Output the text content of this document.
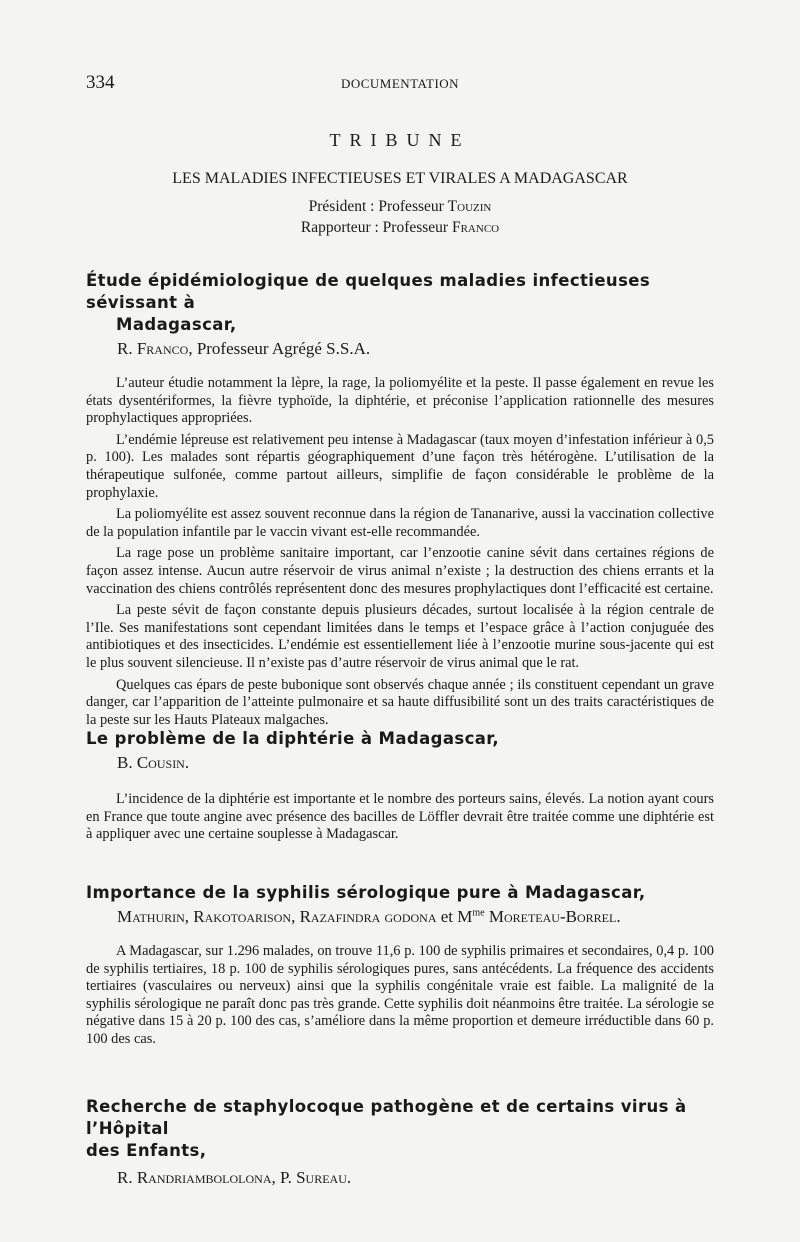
334	DOCUMENTATION
TRIBUNE
LES MALADIES INFECTIEUSES ET VIRALES A MADAGASCAR
Président : Professeur Touzin
Rapporteur : Professeur Franco
Étude épidémiologique de quelques maladies infectieuses sévissant à
Madagascar,
R. Franco, Professeur Agrégé S.S.A.

L’auteur étudie notamment la lèpre, la rage, la poliomyélite et la peste. Il passe également en revue les états dysentériformes, la fièvre typhoïde, la diphtérie, et préconise l’application rationnelle des mesures prophylactiques appropriées.

L’endémie lépreuse est relativement peu intense à Madagascar (taux moyen d’infestation inférieur à 0,5 p. 100). Les malades sont répartis géographiquement d’une façon très hétérogène. L’utilisation de la thérapeutique sulfonée, comme partout ailleurs, simplifie de façon considérable le problème de la prophylaxie.

La poliomyélite est assez souvent reconnue dans la région de Tananarive, aussi la vaccination collective de la population infantile par le vaccin vivant est-elle recommandée.

La rage pose un problème sanitaire important, car l’enzootie canine sévit dans certaines régions de façon assez intense. Aucun autre réservoir de virus animal n’existe ; la destruction des chiens errants et la vaccination des chiens contrôlés représentent donc des mesures prophylactiques dont l’efficacité est certaine.

La peste sévit de façon constante depuis plusieurs décades, surtout localisée à la région centrale de l’Ile. Ses manifestations sont cependant limitées dans le temps et l’espace grâce à l’action conjuguée des antibiotiques et des insecticides. L’endémie est essentiellement liée à l’enzootie murine sous-jacente qui est le plus souvent silencieuse. Il n’existe pas d’autre réservoir de virus animal que le rat.

Quelques cas épars de peste bubonique sont observés chaque année ; ils constituent cependant un grave danger, car l’apparition de l’atteinte pulmonaire et sa haute diffusibilité sont un des traits caractéristiques de la peste sur les Hauts Plateaux malgaches.

Le problème de la diphtérie à Madagascar,
B. Cousin.

L’incidence de la diphtérie est importante et le nombre des porteurs sains, élevés. La notion ayant cours en France que toute angine avec présence des bacilles de Löffler devrait être traitée comme une diphtérie est à appliquer avec une certaine souplesse à Madagascar.

Importance de la syphilis sérologique pure à Madagascar,
Mathurin, Rakotoarison, Razafindra godona et $M^{me}$ Moreteau-Borrel.

A Madagascar, sur 1.296 malades, on trouve 11,6 p. 100 de syphilis primaires et secondaires, 0,4 p. 100 de syphilis tertiaires, 18 p. 100 de syphilis sérologiques pures, sans antécédents. La fréquence des accidents tertiaires (vasculaires ou nerveux) ainsi que la syphilis congénitale vraie est faible. La malignité de la syphilis sérologique ne paraît donc pas très grande. Cette syphilis doit néanmoins être traitée. La sérologie se négative dans 15 à 20 p. 100 des cas, s’améliore dans la même proportion et demeure irréductible dans 60 p. 100 des cas.

Recherche de staphylocoque pathogène et de certains virus à l’Hôpital
des Enfants,
R. Randriambololona, P. Sureau.
